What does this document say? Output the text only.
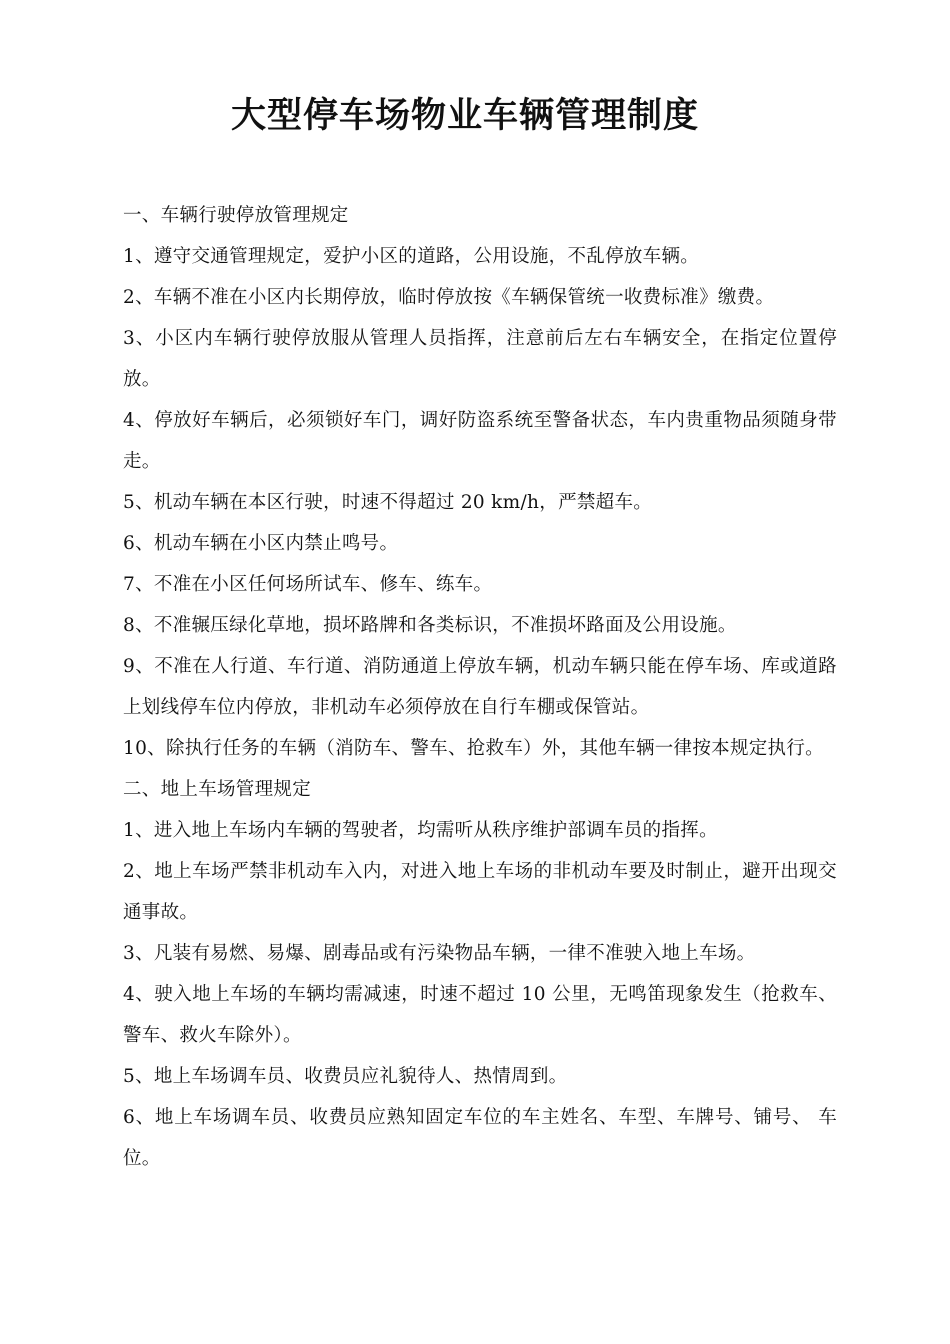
大型停车场物业车辆管理制度

一、车辆行驶停放管理规定

1、遵守交通管理规定，爱护小区的道路，公用设施，不乱停放车辆。

2、车辆不准在小区内长期停放，临时停放按《车辆保管统一收费标准》缴费。

3、小区内车辆行驶停放服从管理人员指挥，注意前后左右车辆安全，在指定位置停放。

4、停放好车辆后，必须锁好车门，调好防盗系统至警备状态，车内贵重物品须随身带走。

5、机动车辆在本区行驶，时速不得超过 20 km/h，严禁超车。

6、机动车辆在小区内禁止鸣号。

7、不准在小区任何场所试车、修车、练车。

8、不准辗压绿化草地，损坏路牌和各类标识，不准损坏路面及公用设施。

9、不准在人行道、车行道、消防通道上停放车辆，机动车辆只能在停车场、库或道路上划线停车位内停放，非机动车必须停放在自行车棚或保管站。

10、除执行任务的车辆（消防车、警车、抢救车）外，其他车辆一律按本规定执行。

二、地上车场管理规定

1、进入地上车场内车辆的驾驶者，均需听从秩序维护部调车员的指挥。

2、地上车场严禁非机动车入内，对进入地上车场的非机动车要及时制止，避开出现交通事故。

3、凡装有易燃、易爆、剧毒品或有污染物品车辆，一律不准驶入地上车场。

4、驶入地上车场的车辆均需减速，时速不超过 10 公里，无鸣笛现象发生（抢救车、警车、救火车除外）。

5、地上车场调车员、收费员应礼貌待人、热情周到。

6、地上车场调车员、收费员应熟知固定车位的车主姓名、车型、车牌号、铺号、 车位。
